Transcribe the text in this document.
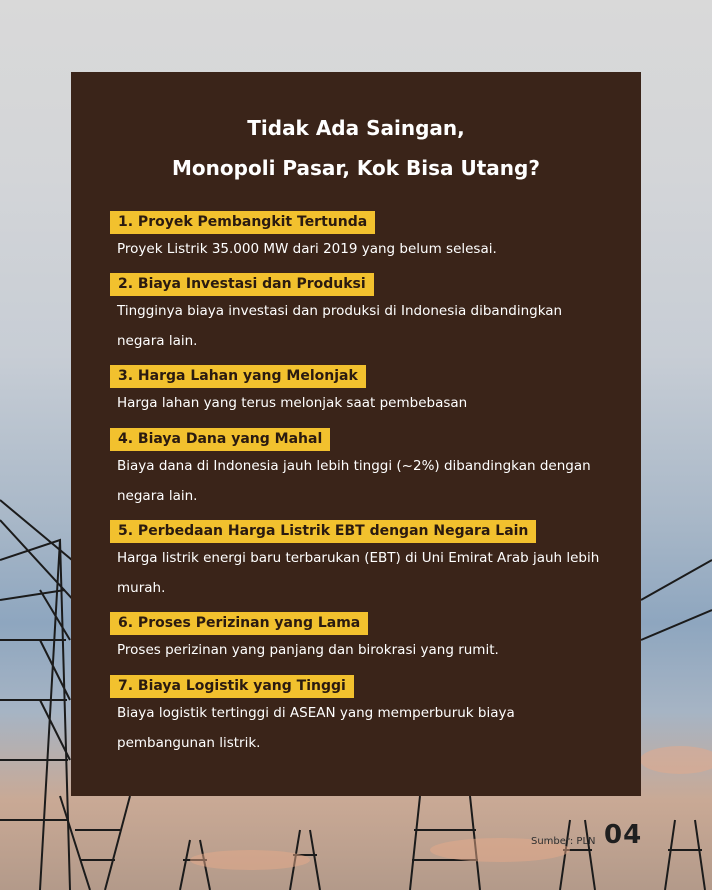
Tidak Ada Saingan,
Monopoli Pasar, Kok Bisa Utang?
1. Proyek Pembangkit Tertunda

Proyek Listrik 35.000 MW dari 2019 yang belum selesai.

2. Biaya Investasi dan Produksi

Tingginya biaya investasi dan produksi di Indonesia dibandingkan negara lain.

3. Harga Lahan yang Melonjak

Harga lahan yang terus melonjak saat pembebasan

4. Biaya Dana yang Mahal

Biaya dana di Indonesia jauh lebih tinggi (~2%) dibandingkan dengan negara lain.

5. Perbedaan Harga Listrik EBT dengan Negara Lain

Harga listrik energi baru terbarukan (EBT) di Uni Emirat Arab jauh lebih murah.

6. Proses Perizinan yang Lama

Proses perizinan yang panjang dan birokrasi yang rumit.

7. Biaya Logistik yang Tinggi

Biaya logistik tertinggi di ASEAN yang memperburuk biaya pembangunan listrik.

Sumber: PLN 04
